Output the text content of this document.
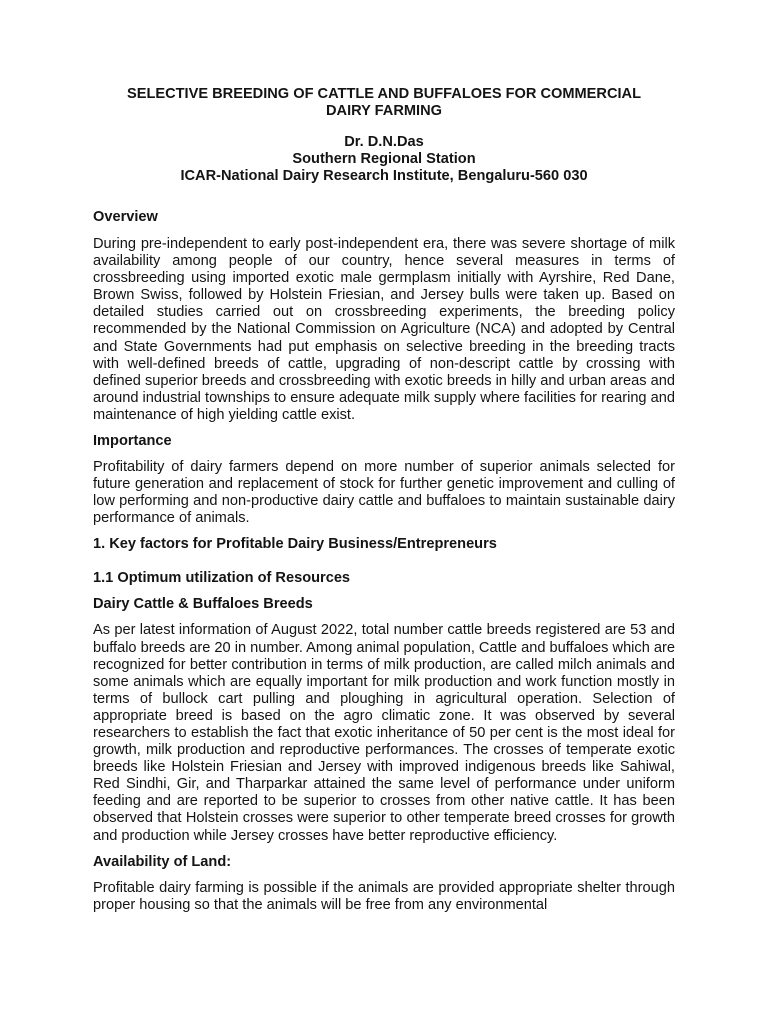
SELECTIVE BREEDING OF CATTLE AND BUFFALOES FOR COMMERCIAL
DAIRY FARMING
Dr. D.N.Das
Southern Regional Station
ICAR-National Dairy Research Institute, Bengaluru-560 030
Overview

During pre-independent to early post-independent era, there was severe shortage of milk availability among people of our country, hence several measures in terms of crossbreeding using imported exotic male germplasm initially with Ayrshire, Red Dane, Brown Swiss, followed by Holstein Friesian, and Jersey bulls were taken up. Based on detailed studies carried out on crossbreeding experiments, the breeding policy recommended by the National Commission on Agriculture (NCA) and adopted by Central and State Governments had put emphasis on selective breeding in the breeding tracts with well-defined breeds of cattle, upgrading of non-descript cattle by crossing with defined superior breeds and crossbreeding with exotic breeds in hilly and urban areas and around industrial townships to ensure adequate milk supply where facilities for rearing and maintenance of high yielding cattle exist.

Importance

Profitability of dairy farmers depend on more number of superior animals selected for future generation and replacement of stock for further genetic improvement and culling of low performing and non-productive dairy cattle and buffaloes to maintain sustainable dairy performance of animals.

1. Key factors for Profitable Dairy Business/Entrepreneurs
1.1 Optimum utilization of Resources
Dairy Cattle & Buffaloes Breeds

As per latest information of August 2022, total number cattle breeds registered are 53 and buffalo breeds are 20 in number. Among animal population, Cattle and buffaloes which are recognized for better contribution in terms of milk production, are called milch animals and some animals which are equally important for milk production and work function mostly in terms of bullock cart pulling and ploughing in agricultural operation. Selection of appropriate breed is based on the agro climatic zone. It was observed by several researchers to establish the fact that exotic inheritance of 50 per cent is the most ideal for growth, milk production and reproductive performances. The crosses of temperate exotic breeds like Holstein Friesian and Jersey with improved indigenous breeds like Sahiwal, Red Sindhi, Gir, and Tharparkar attained the same level of performance under uniform feeding and are reported to be superior to crosses from other native cattle. It has been observed that Holstein crosses were superior to other temperate breed crosses for growth and production while Jersey crosses have better reproductive efficiency.

Availability of Land:

Profitable dairy farming is possible if the animals are provided appropriate shelter through proper housing so that the animals will be free from any environmental
